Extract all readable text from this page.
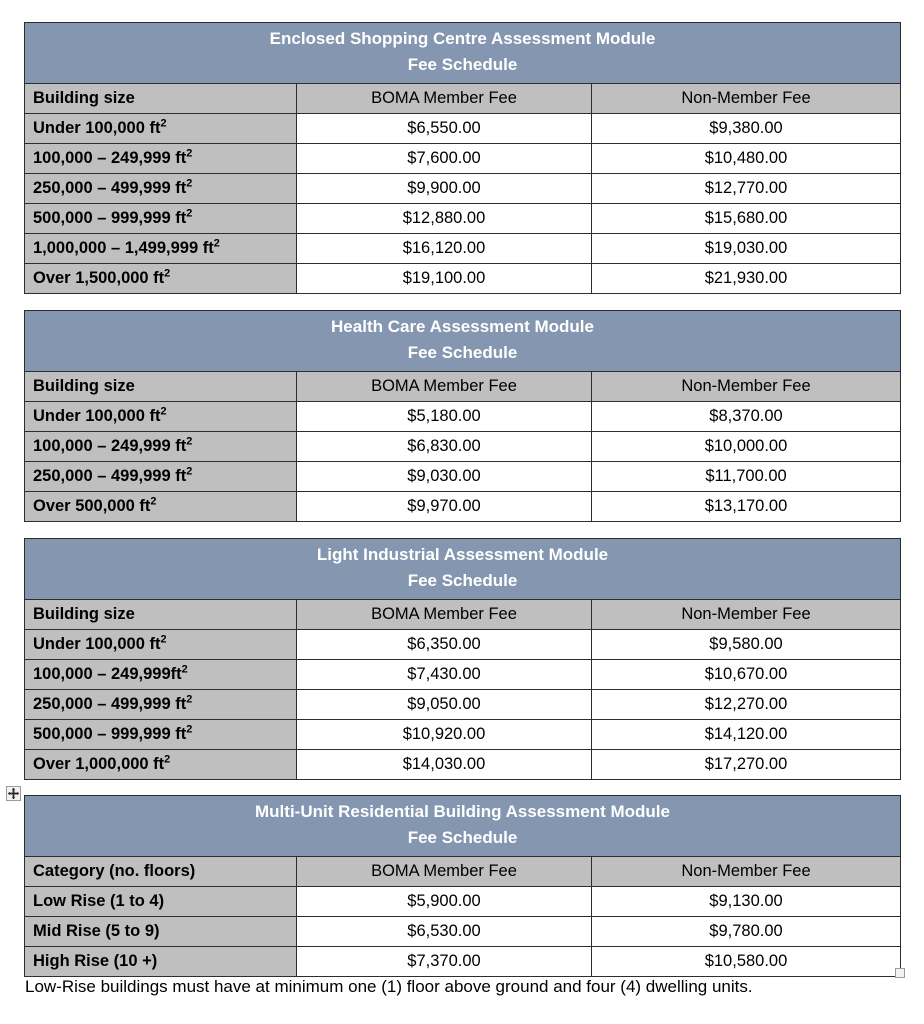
Enclosed Shopping Centre Assessment Module
Fee Schedule		

Building size	BOMA Member Fee	Non-Member Fee
Under 100,000 $ft^2$	$6,550.00	$9,380.00
100,000 – 249,999 $ft^2$	$7,600.00	$10,480.00
250,000 – 499,999 $ft^2$	$9,900.00	$12,770.00
500,000 – 999,999 $ft^2$	$12,880.00	$15,680.00
1,000,000 – 1,499,999 $ft^2$	$16,120.00	$19,030.00
Over 1,500,000 $ft^2$	$19,100.00	$21,930.00
Health Care Assessment Module
Fee Schedule		

Building size	BOMA Member Fee	Non-Member Fee
Under 100,000 $ft^2$	$5,180.00	$8,370.00
100,000 – 249,999 $ft^2$	$6,830.00	$10,000.00
250,000 – 499,999 $ft^2$	$9,030.00	$11,700.00
Over 500,000 $ft^2$	$9,970.00	$13,170.00
Light Industrial Assessment Module
Fee Schedule		

Building size	BOMA Member Fee	Non-Member Fee
Under 100,000 $ft^2$	$6,350.00	$9,580.00
$100,000 - 249,999ft^2$	$7,430.00	$10,670.00
250,000 – 499,999 $ft^2$	$9,050.00	$12,270.00
500,000 – 999,999 $ft^2$	$10,920.00	$14,120.00
Over 1,000,000 $ft^2$	$14,030.00	$17,270.00
Multi-Unit Residential Building Assessment Module
Fee Schedule		

Category (no. floors)	BOMA Member Fee	Non-Member Fee
Low Rise (1 to 4)	$5,900.00	$9,130.00
Mid Rise (5 to 9)	$6,530.00	$9,780.00
High Rise (10 +)	$7,370.00	$10,580.00
Low-Rise buildings must have at minimum one (1) floor above ground and four (4) dwelling units.
